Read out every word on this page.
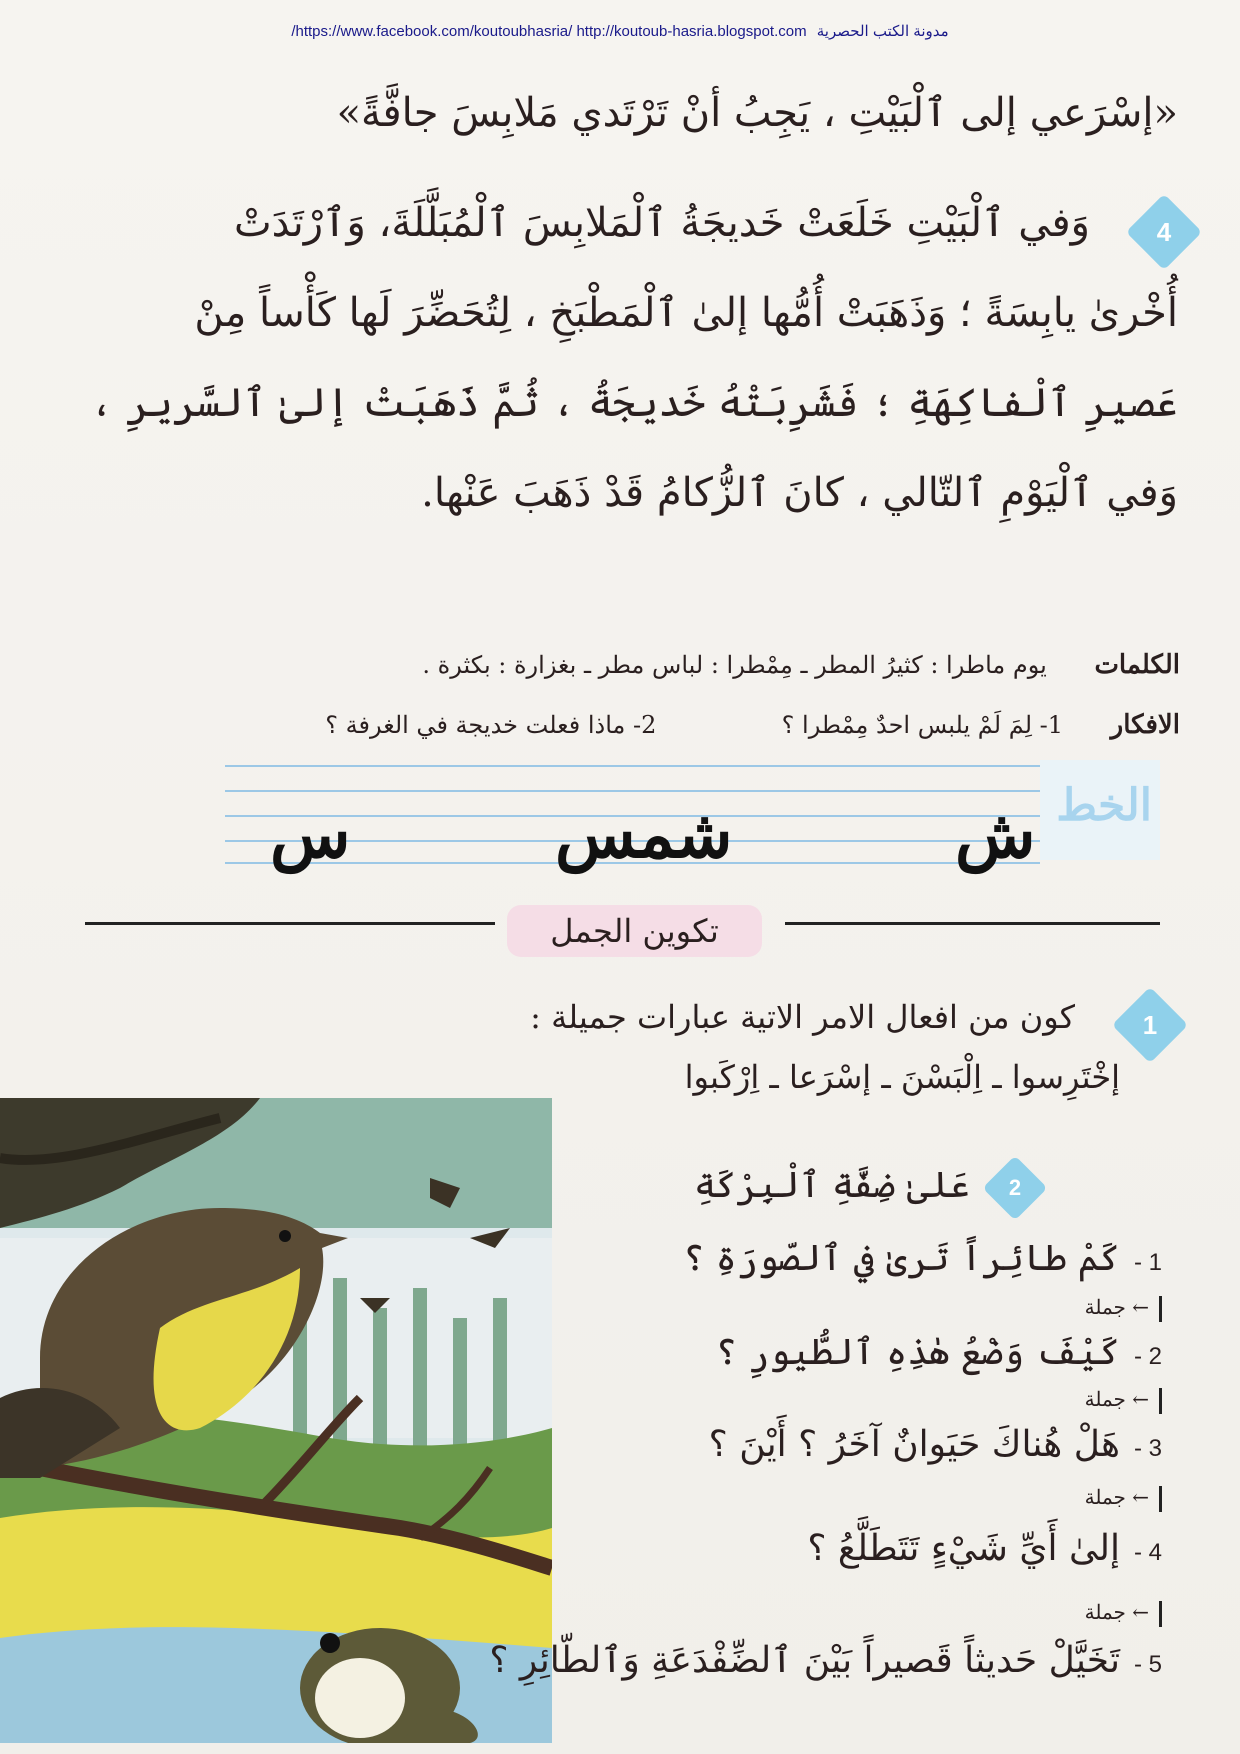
/https://www.facebook.com/koutoubhasria/ http://koutoub-hasria.blogspot.com مدونة الكتب الحصرية
«إسْرَعي إلى ٱلْبَيْتِ ، يَجِبُ أنْ تَرْتَدي مَلابِسَ جافَّةً»
4
وَفي ٱلْبَيْتِ خَلَعَتْ خَديجَةُ ٱلْمَلابِسَ ٱلْمُبَلَّلَةَ، وَٱرْتَدَتْ
أُخْرىٰ يابِسَةً ؛ وَذَهَبَتْ أُمُّها إلىٰ ٱلْمَطْبَخِ ، لِتُحَضِّرَ لَها كَأْساً مِنْ
عَصيرِ ٱلْفاكِهَةِ ؛ فَشَرِبَتْهُ خَديجَةُ ، ثُمَّ ذَهَبَتْ إلىٰ ٱلسَّريرِ ،
وَفي ٱلْيَوْمِ ٱلتّالي ، كانَ ٱلزُّكامُ قَدْ ذَهَبَ عَنْها.
الكلمات يوم ماطرا : كثيرُ المطر ـ مِمْطرا : لباس مطر ـ بغزارة : بكثرة .
الافكار 1- لِمَ لَمْ يلبس احدٌ مِمْطرا ؟  2- ماذا فعلت خديجة في الغرفة ؟
الخط
ش
شمس
س
تكوين الجمل
1
كون من افعال الامر الاتية عبارات جميلة :
إخْتَرِسوا ـ اِلْبَسْنَ ـ إسْرَعا ـ اِرْكَبوا
2
عَلىٰ ضِفَّةِ ٱلْبِرْكَةِ
1 -كَمْ طائِراً تَرىٰ في ٱلصّورَةِ ؟
← جملة
2 -كَيْفَ وَضْعُ هٰذِهِ ٱلطُّيورِ ؟
← جملة
3 -هَلْ هُناكَ حَيَوانٌ آخَرُ ؟ أَيْنَ ؟
← جملة
4 -إلىٰ أَيِّ شَيْءٍ تَتَطَلَّعُ ؟
← جملة
5 -تَخَيَّلْ حَديثاً قَصيراً بَيْنَ ٱلضِّفْدَعَةِ وَٱلطّائِرِ ؟
